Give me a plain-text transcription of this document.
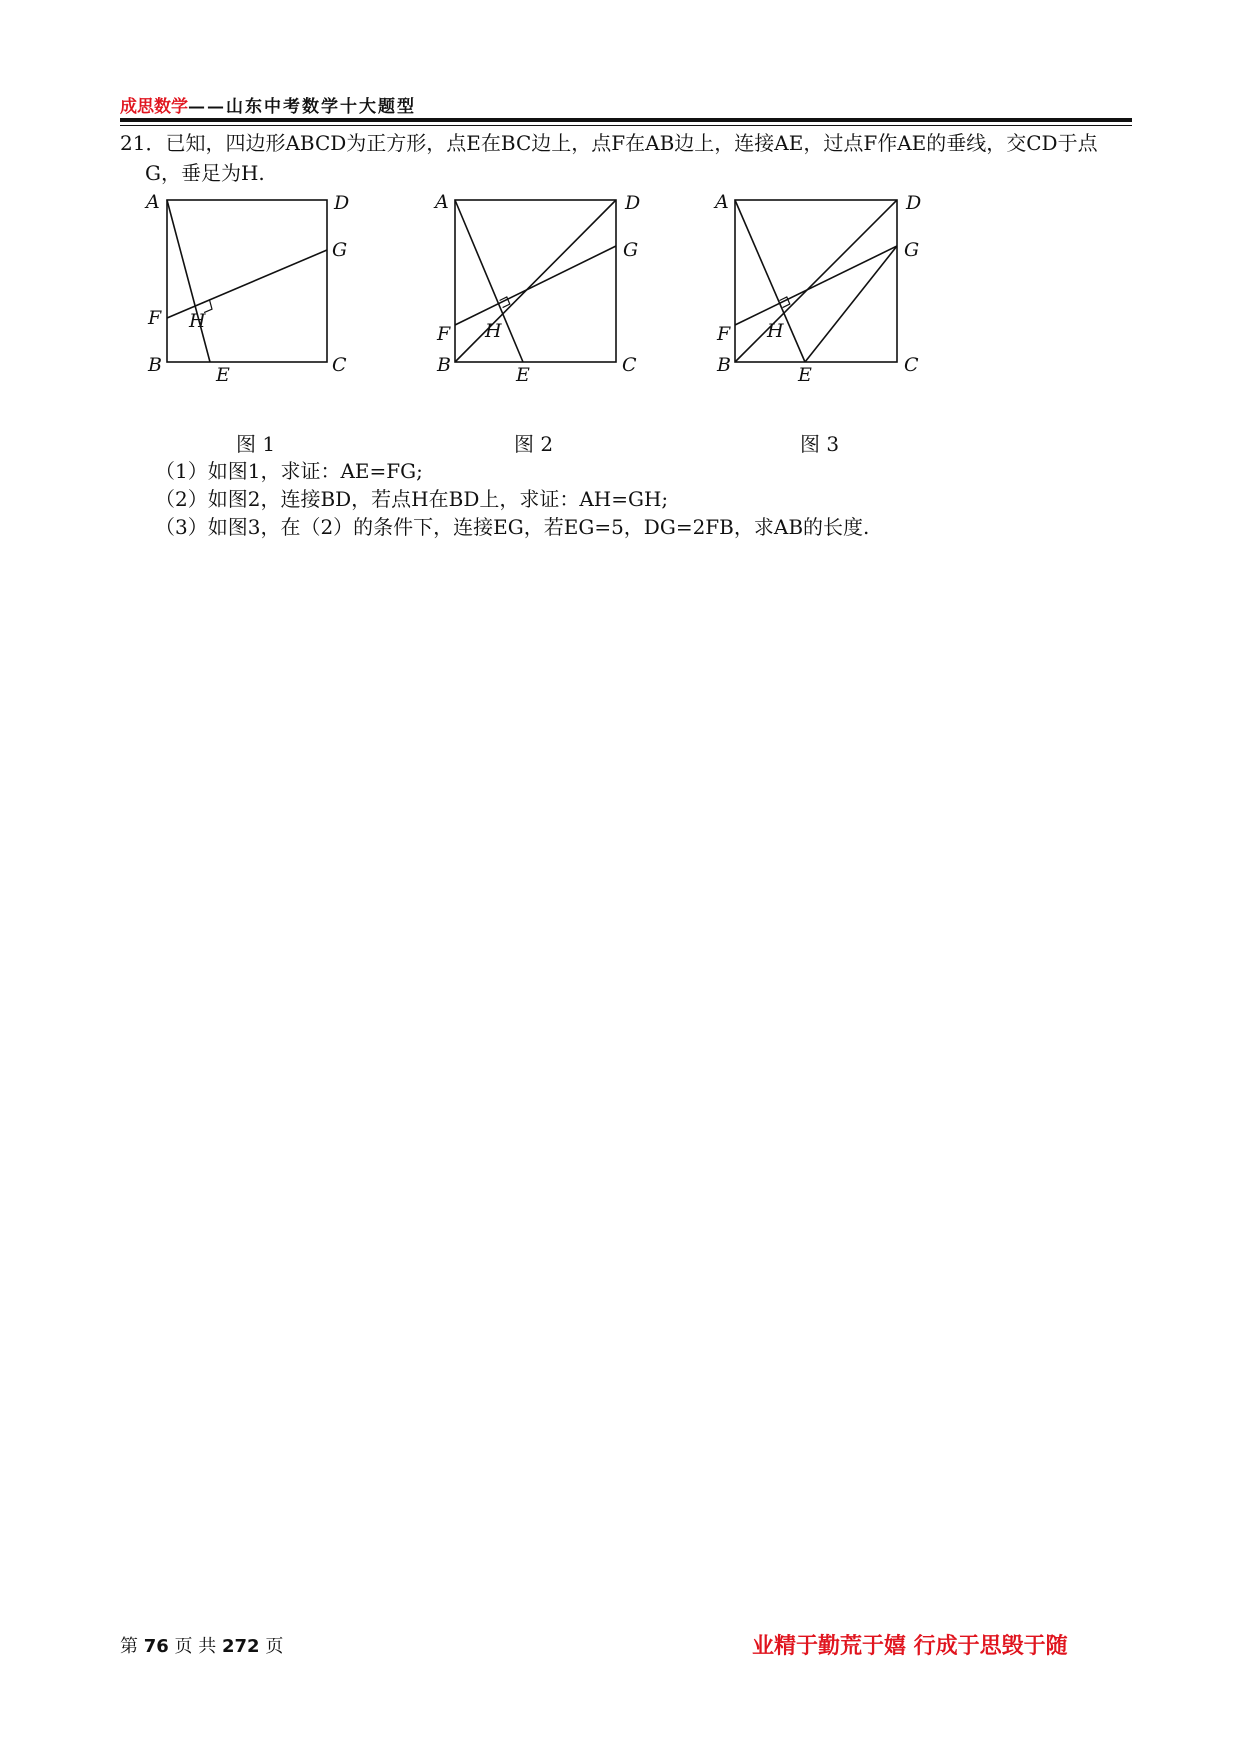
成思数学——山东中考数学十大题型
21．已知，四边形ABCD为正方形，点E在BC边上，点F在AB边上，连接AE，过点F作AE的垂线，交CD于点
G，垂足为H.
A	D
G
F H
B	E	C
A	D
G
F H
B	E	C
A	D
G
F H
B	E	C
图 1	图 2	图 3
（1）如图1，求证：AE=FG;
（2）如图2，连接BD，若点H在BD上，求证：AH=GH;
（3）如图3，在（2）的条件下，连接EG，若EG=5，DG=2FB，求AB的长度.
第 76 页 共 272 页	业精于勤荒于嬉 行成于思毁于随
